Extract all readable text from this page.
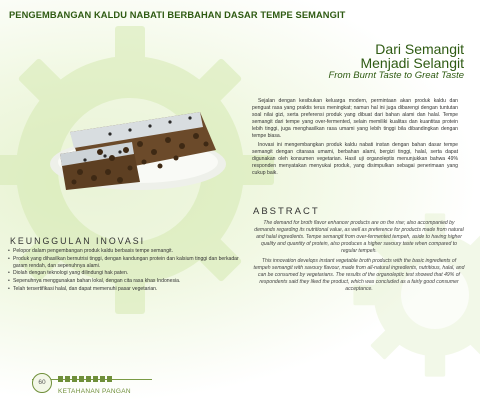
PENGEMBANGAN KALDU NABATI BERBAHAN DASAR TEMPE SEMANGIT
Dari Semangit
Menjadi Selangit
From Burnt Taste to Great Taste

Sejalan dengan kesibukan keluarga modern, permintaan akan produk kaldu dan penguat rasa yang praktis terus meningkat; namun hal ini juga dibarengi dengan tuntutan soal nilai gizi, serta preferensi produk yang dibuat dari bahan alami dan halal. Tempe semangit dari tempe yang over-fermented, selain memiliki kualitas dan kuantitas protein lebih tinggi, juga menghasilkan rasa umami yang lebih tinggi bila dibandingkan dengan tempe biasa.

Inovasi ini mengembangkan produk kaldu nabati instan dengan bahan dasar tempe semangit dengan citarasa umami, berbahan alami, bergizi tinggi, halal, serta dapat digunakan oleh konsumen vegetarian. Hasil uji organoleptis menunjukkan bahwa 49% responden menyatakan menyukai produk, yang disimpulkan sebagai penerimaan yang cukup baik.

ABSTRACT

The demand for broth flavor enhancer products are on the rise; also accompanied by demands regarding its nutritional value, as well as preference for products made from natural and halal ingredients. Tempe semangit from over-fermented tempeh, aside to having higher quality and quantity of protein, also produces a higher savoury taste when compared to regular tempeh.

This innovation develops instant vegetable broth products with the basic ingredients of tempeh semangit with savoury flavour, made from all-natural ingredients, nutritious, halal, and can be consumed by vegetarians. The results of the organoleptic test showed that 49% of respondents said they liked the product, which was concluded as a fairly good consumer acceptance.

KEUNGGULAN INOVASI
• Pelopor dalam pengembangan produk kaldu berbasis tempe semangit.
• Produk yang dihasilkan bernutrisi tinggi, dengan kandungan protein dan kalsium tinggi dan berkadar garam rendah, dan sepenuhnya alami.
• Diolah dengan teknologi yang dilindungi hak paten.
• Sepenuhnya menggunakan bahan lokal, dengan cita rasa khas Indonesia.
• Telah tersertifikasi halal, dan dapat memenuhi pasar vegetarian.
60
KETAHANAN PANGAN
